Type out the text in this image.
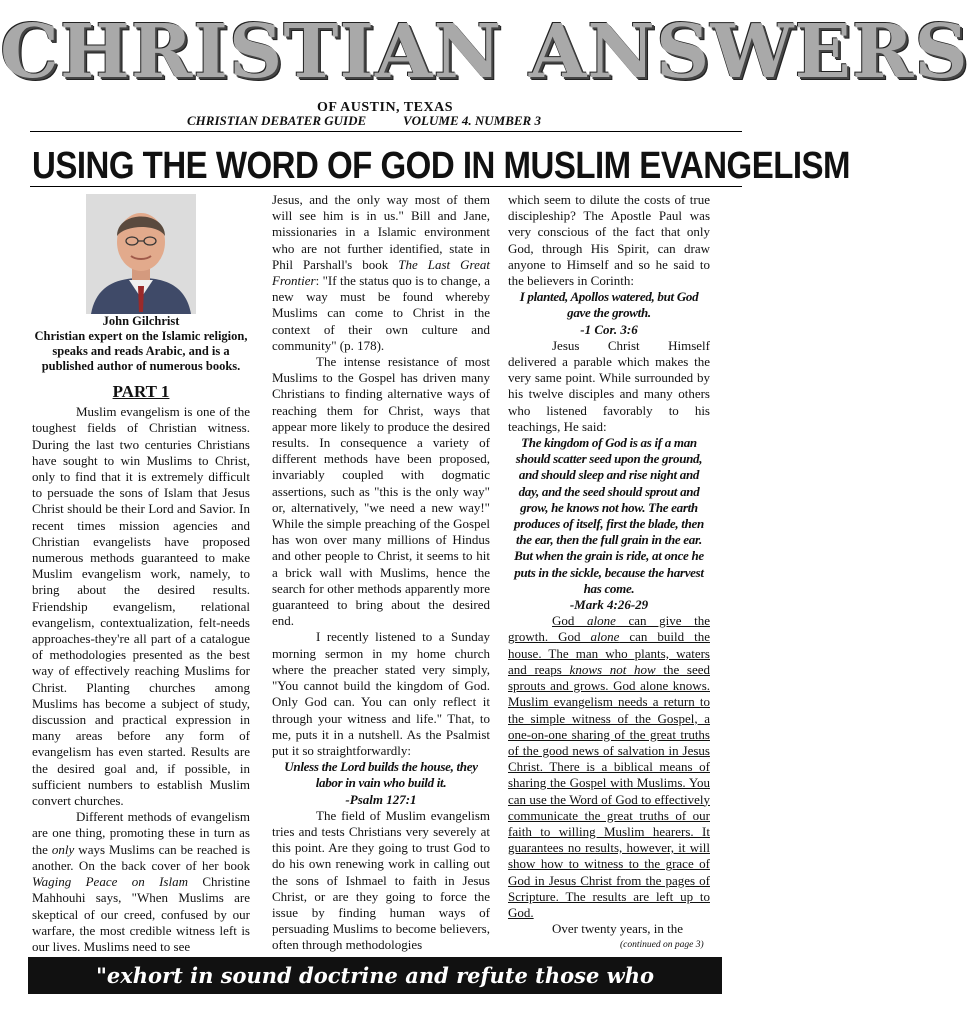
CHRISTIAN ANSWERS
OF AUSTIN, TEXAS
CHRISTIAN DEBATER GUIDE	VOLUME 4. NUMBER 3
USING THE WORD OF GOD IN MUSLIM EVANGELISM
John Gilchrist
Christian expert on the Islamic religion, speaks and reads Arabic, and is a published author of numerous books.
PART 1

Muslim evangelism is one of the toughest fields of Christian witness. During the last two centuries Christians have sought to win Muslims to Christ, only to find that it is extremely difficult to persuade the sons of Islam that Jesus Christ should be their Lord and Savior. In recent times mission agencies and Christian evangelists have proposed numerous methods guaranteed to make Muslim evangelism work, namely, to bring about the desired results. Friendship evangelism, relational evangelism, contextualization, felt-needs approaches-they're all part of a catalogue of methodologies presented as the best way of effectively reaching Muslims for Christ. Planting churches among Muslims has become a subject of study, discussion and practical expression in many areas before any form of evangelism has even started. Results are the desired goal and, if possible, in sufficient numbers to establish Muslim convert churches.

Different methods of evangelism are one thing, promoting these in turn as the only ways Muslims can be reached is another. On the back cover of her book Waging Peace on Islam Christine Mahhouhi says, "When Muslims are skeptical of our creed, confused by our warfare, the most credible witness left is our lives. Muslims need to see

Jesus, and the only way most of them will see him is in us." Bill and Jane, missionaries in a Islamic environment who are not further identified, state in Phil Parshall's book The Last Great Frontier: "If the status quo is to change, a new way must be found whereby Muslims can come to Christ in the context of their own culture and community" (p. 178).

The intense resistance of most Muslims to the Gospel has driven many Christians to finding alternative ways of reaching them for Christ, ways that appear more likely to produce the desired results. In consequence a variety of different methods have been proposed, invariably coupled with dogmatic assertions, such as "this is the only way" or, alternatively, "we need a new way!" While the simple preaching of the Gospel has won over many millions of Hindus and other people to Christ, it seems to hit a brick wall with Muslims, hence the search for other methods apparently more guaranteed to bring about the desired end.

I recently listened to a Sunday morning sermon in my home church where the preacher stated very simply, "You cannot build the kingdom of God. Only God can. You can only reflect it through your witness and life." That, to me, puts it in a nutshell. As the Psalmist put it so straightforwardly:

Unless the Lord builds the house, they labor in vain who build it.
-Psalm 127:1

The field of Muslim evangelism tries and tests Christians very severely at this point. Are they going to trust God to do his own renewing work in calling out the sons of Ishmael to faith in Jesus Christ, or are they going to force the issue by finding human ways of persuading Muslims to become believers, often through methodologies

which seem to dilute the costs of true discipleship? The Apostle Paul was very conscious of the fact that only God, through His Spirit, can draw anyone to Himself and so he said to the believers in Corinth:

I planted, Apollos watered, but God gave the growth.
-1 Cor. 3:6

Jesus Christ Himself delivered a parable which makes the very same point. While surrounded by his twelve disciples and many others who listened favorably to his teachings, He said:

The kingdom of God is as if a man should scatter seed upon the ground, and should sleep and rise night and day, and the seed should sprout and grow, he knows not how. The earth produces of itself, first the blade, then the ear, then the full grain in the ear. But when the grain is ride, at once he puts in the sickle, because the harvest has come.
-Mark 4:26-29

God alone can give the growth. God alone can build the house. The man who plants, waters and reaps knows not how the seed sprouts and grows. God alone knows. Muslim evangelism needs a return to the simple witness of the Gospel, a one-on-one sharing of the great truths of the good news of salvation in Jesus Christ. There is a biblical means of sharing the Gospel with Muslims. You can use the Word of God to effectively communicate the great truths of our faith to willing Muslim hearers. It guarantees no results, however, it will show how to witness to the grace of God in Jesus Christ from the pages of Scripture. The results are left up to God.

Over twenty years, in the

(continued on page 3)
"exhort in sound doctrine and refute those who contradict" (Titus 1:9)
